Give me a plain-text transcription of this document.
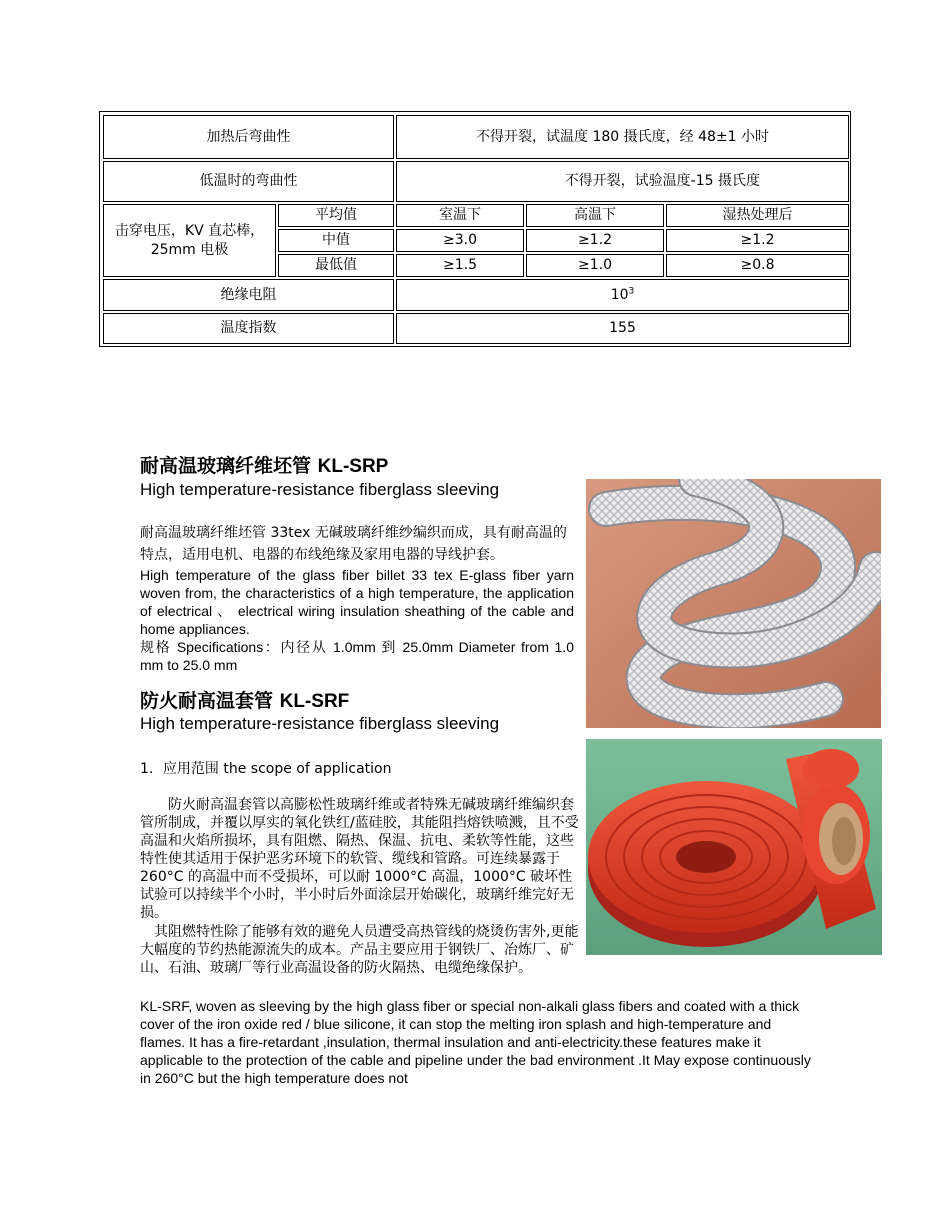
加热后弯曲性	不得开裂，试温度 180 摄氏度，经 48±1 小时
低温时的弯曲性	不得开裂，试验温度-15 摄氏度
击穿电压，KV 直芯棒，25mm 电极
平均值	室温下	高温下	湿热处理后
中值	≥3.0	≥1.2	≥1.2
最低值	≥1.5	≥1.0	≥0.8
绝缘电阻	$10^3$
温度指数	155
耐高温玻璃纤维坯管 KL-SRP
High temperature-resistance fiberglass sleeving

耐高温玻璃纤维坯管 33tex 无碱玻璃纤维纱编织而成，具有耐高温的特点，适用电机、电器的布线绝缘及家用电器的导线护套。

High temperature of the glass fiber billet 33 tex E-glass fiber yarn woven from, the characteristics of a high temperature, the application of electrical 、 electrical wiring insulation sheathing of the cable and home appliances.

规格 Specifications：内径从 1.0mm 到 25.0mm Diameter from 1.0 mm to 25.0 mm

防火耐高温套管 KL-SRF
High temperature-resistance fiberglass sleeving
1．应用范围 the scope of application

　　防火耐高温套管以高膨松性玻璃纤维或者特殊无碱玻璃纤维编织套管所制成，并覆以厚实的氧化铁红/蓝硅胶，其能阻挡熔铁喷溅，且不受高温和火焰所损坏，具有阻燃、隔热、保温、抗电、柔软等性能，这些特性使其适用于保护恶劣环境下的软管、缆线和管路。可连续暴露于 260°C 的高温中而不受损坏，可以耐 1000°C 高温，1000°C 破坏性试验可以持续半个小时，半小时后外面涂层开始碳化，玻璃纤维完好无损。

　其阻燃特性除了能够有效的避免人员遭受高热管线的烧烫伤害外,更能大幅度的节约热能源流失的成本。产品主要应用于钢铁厂、冶炼厂、矿山、石油、玻璃厂等行业高温设备的防火隔热、电缆绝缘保护。

KL-SRF, woven as sleeving by the high glass fiber or special non-alkali glass fibers and coated with a thick cover of the iron oxide red / blue silicone, it can stop the melting iron splash and high-temperature and flames. It has a fire-retardant ,insulation, thermal insulation and anti-electricity.these features make it applicable to the protection of the cable and pipeline under the bad environment .It May expose continuously in 260°C but the high temperature does not
